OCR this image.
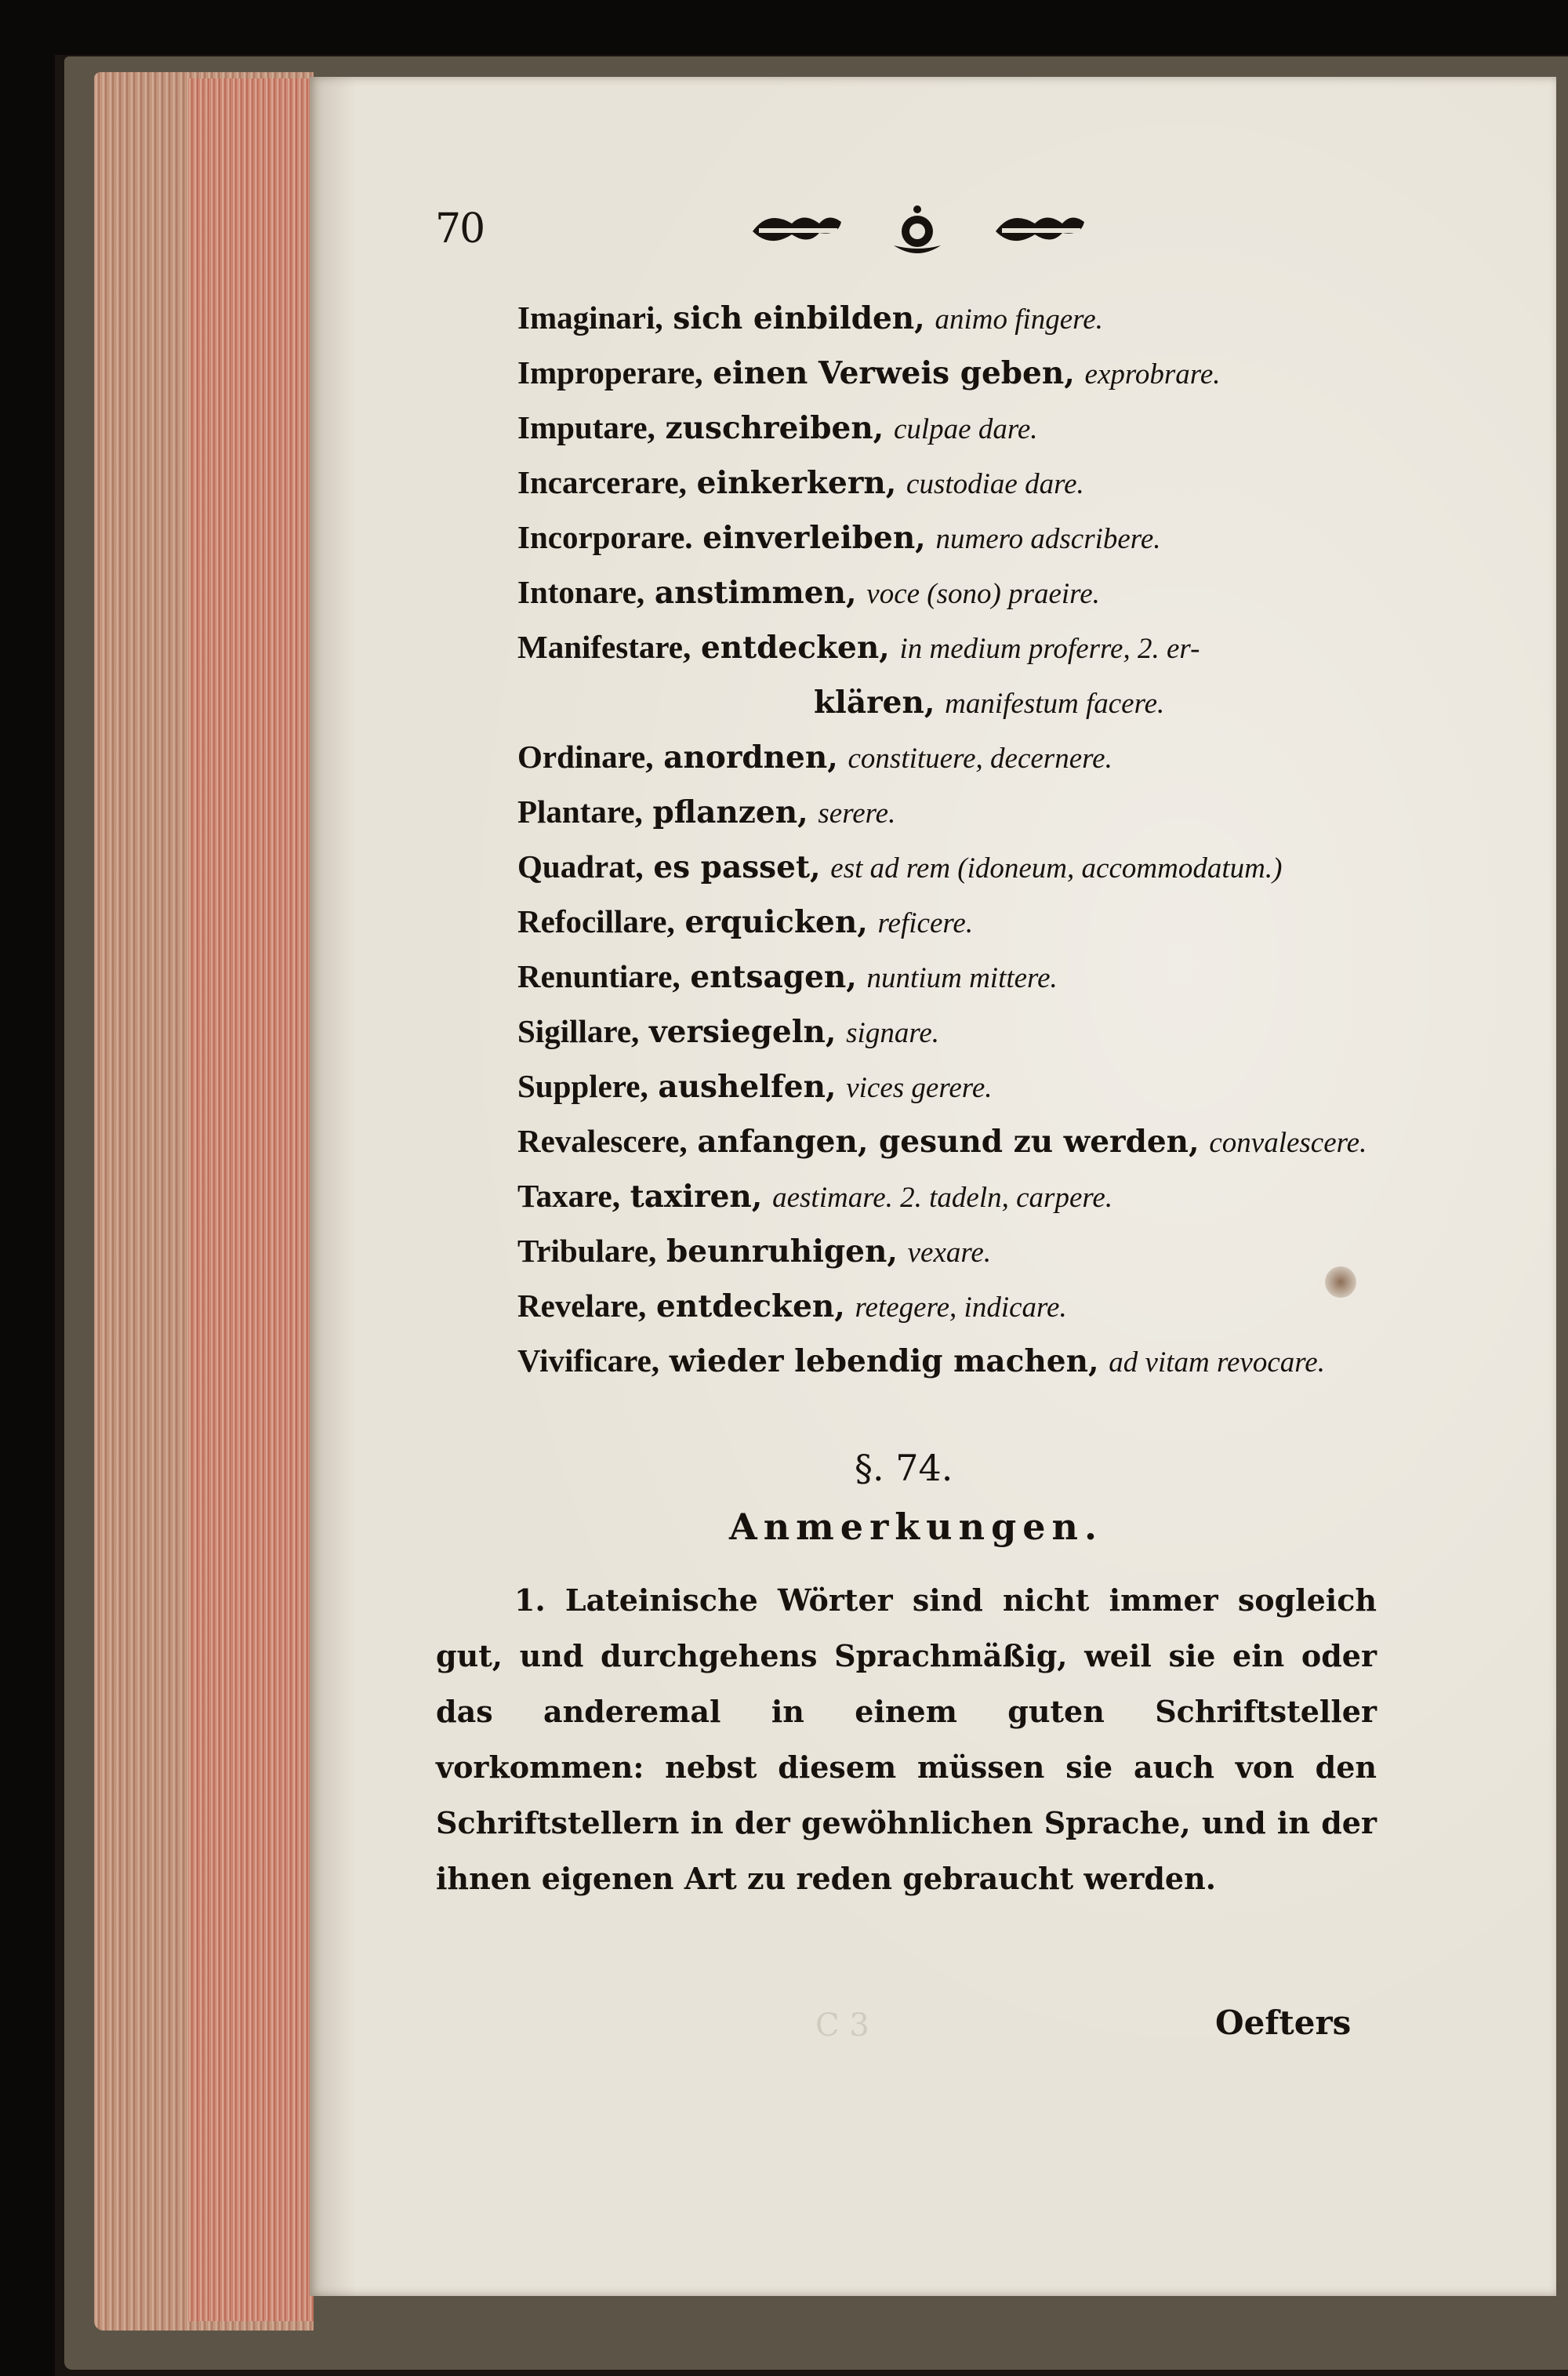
70
Imaginari, sich einbilden, animo fingere.
Improperare, einen Verweis geben, exprobrare.
Imputare, zuschreiben, culpae dare.
Incarcerare, einkerkern, custodiae dare.
Incorporare. einverleiben, numero adscribere.
Intonare, anstimmen, voce (sono) praeire.
Manifestare, entdecken, in medium proferre, 2. er-
klären, manifestum facere.
Ordinare, anordnen, constituere, decernere.
Plantare, pflanzen, serere.
Quadrat, es passet, est ad rem (idoneum, accommodatum.)
Refocillare, erquicken, reficere.
Renuntiare, entsagen, nuntium mittere.
Sigillare, versiegeln, signare.
Supplere, aushelfen, vices gerere.
Revalescere, anfangen, gesund zu werden, convalescere.
Taxare, taxiren, aestimare. 2. tadeln, carpere.
Tribulare, beunruhigen, vexare.
Revelare, entdecken, retegere, indicare.
Vivificare, wieder lebendig machen, ad vitam revocare.
§. 74.
Anmerkungen.
1. Lateinische Wörter sind nicht immer sogleich gut, und durchgehens Sprachmäßig, weil sie ein oder das anderemal in einem guten Schriftsteller vorkommen: nebst diesem müssen sie auch von den Schriftstellern in der gewöhnlichen Sprache, und in der ihnen eigenen Art zu reden gebraucht werden.
C 3	Oefters
